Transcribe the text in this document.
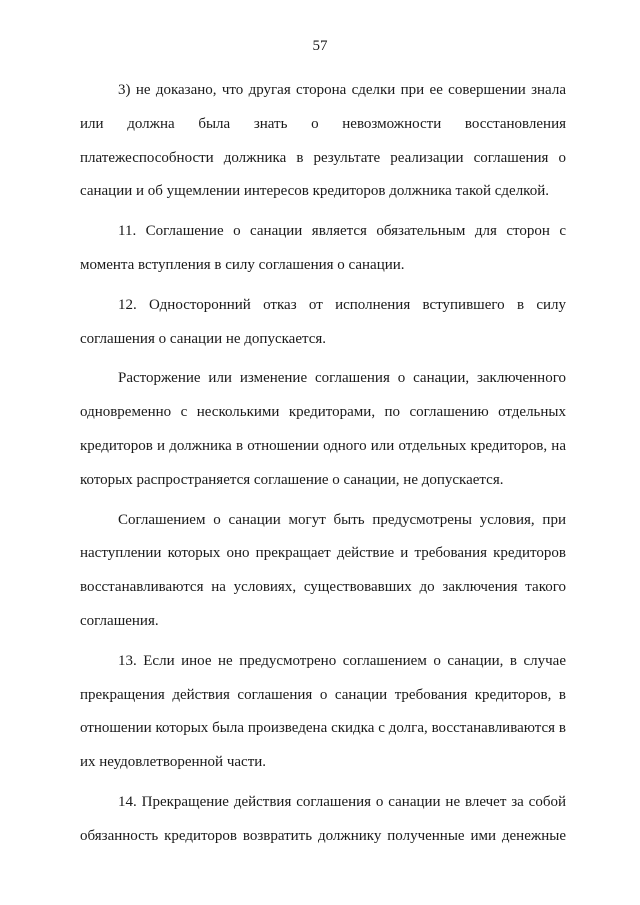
57

3) не доказано, что другая сторона сделки при ее совершении знала или должна была знать о невозможности восстановления платежеспособности должника в результате реализации соглашения о санации и об ущемлении интересов кредиторов должника такой сделкой.

11. Соглашение о санации является обязательным для сторон с момента вступления в силу соглашения о санации.

12. Односторонний отказ от исполнения вступившего в силу соглашения о санации не допускается.

Расторжение или изменение соглашения о санации, заключенного одновременно с несколькими кредиторами, по соглашению отдельных кредиторов и должника в отношении одного или отдельных кредиторов, на которых распространяется соглашение о санации, не допускается.

Соглашением о санации могут быть предусмотрены условия, при наступлении которых оно прекращает действие и требования кредиторов восстанавливаются на условиях, существовавших до заключения такого соглашения.

13. Если иное не предусмотрено соглашением о санации, в случае прекращения действия соглашения о санации требования кредиторов, в отношении которых была произведена скидка с долга, восстанавливаются в их неудовлетворенной части.

14. Прекращение действия соглашения о санации не влечет за собой обязанность кредиторов возвратить должнику полученные ими денежные
